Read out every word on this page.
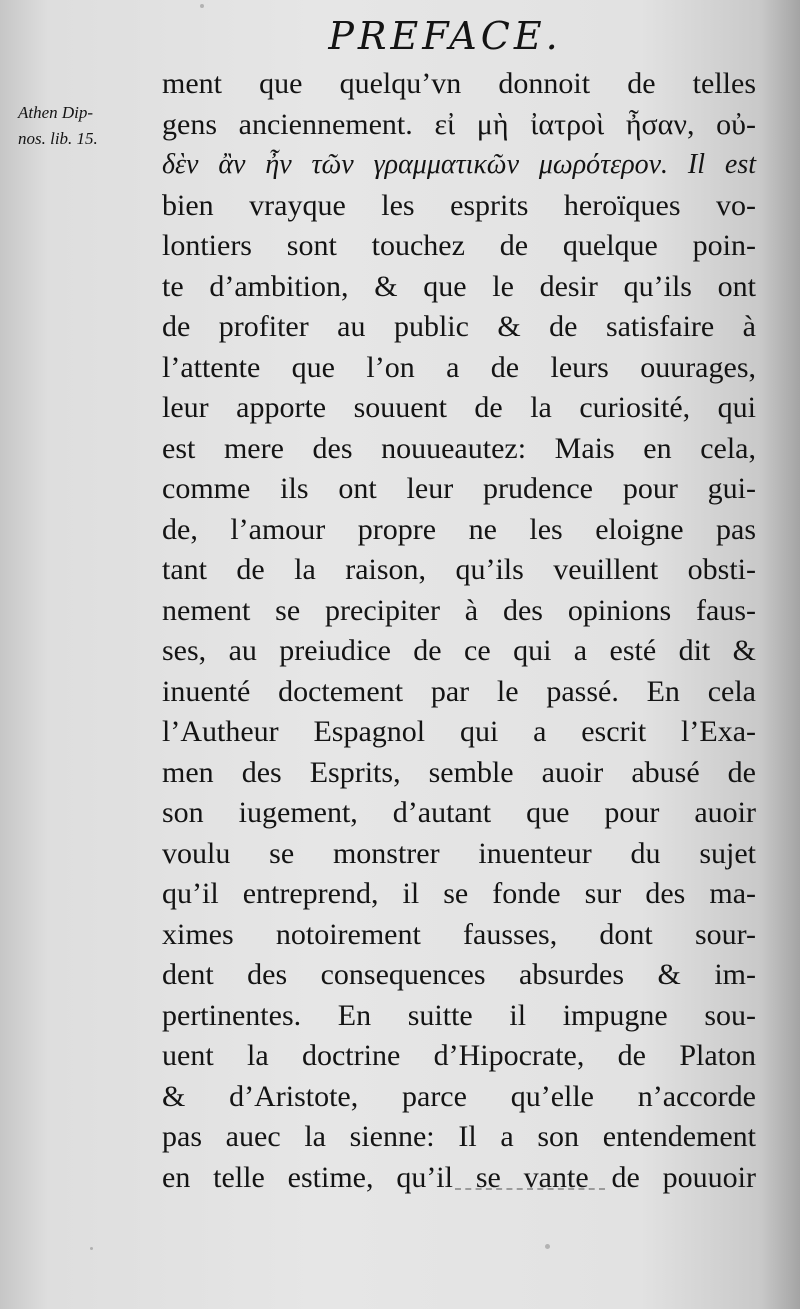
PREFACE.
Athen Dip-
nos. lib. 15.
ment que quelqu’vn donnoit de telles
gens anciennement. εἰ μὴ ἰατροὶ ἦσαν, οὐ-
δὲν ἂν ἦν τῶν γραμματικῶν μωρότερον. Il est
bien vrayque les esprits heroïques vo-
lontiers sont touchez de quelque poin-
te d’ambition, & que le desir qu’ils ont
de profiter au public & de satisfaire à
l’attente que l’on a de leurs ouurages,
leur apporte souuent de la curiosité, qui
est mere des nouueautez: Mais en cela,
comme ils ont leur prudence pour gui-
de, l’amour propre ne les eloigne pas
tant de la raison, qu’ils veuillent obsti-
nement se precipiter à des opinions faus-
ses, au preiudice de ce qui a esté dit &
inuenté doctement par le passé. En cela
l’Autheur Espagnol qui a escrit l’Exa-
men des Esprits, semble auoir abusé de
son iugement, d’autant que pour auoir
voulu se monstrer inuenteur du sujet
qu’il entreprend, il se fonde sur des ma-
ximes notoirement fausses, dont sour-
dent des consequences absurdes & im-
pertinentes. En suitte il impugne sou-
uent la doctrine d’Hipocrate, de Platon
& d’Aristote, parce qu’elle n’accorde
pas auec la sienne: Il a son entendement
en telle estime, qu’il se vante de pouuoir
